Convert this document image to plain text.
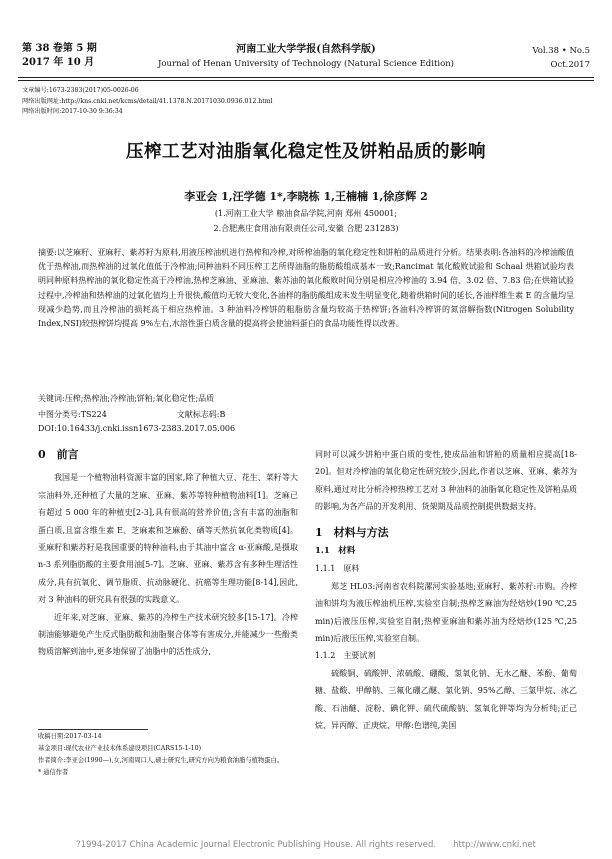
第 38 卷第 5 期
2017 年 10 月
河南工业大学学报(自然科学版)
Journal of Henan University of Technology (Natural Science Edition)
Vol.38 • No.5
Oct.2017
文章编号:1673-2383(2017)05-0026-06
网络出版网址:http://kns.cnki.net/kcms/detail/41.1378.N.20171030.0936.012.html
网络出版时间:2017-10-30 9:36:34
压榨工艺对油脂氧化稳定性及饼粕品质的影响
李亚会 1,汪学德 1*,李晓栋 1,王楠楠 1,徐彦辉 2
(1.河南工业大学 粮油食品学院,河南 郑州 450001;
2.合肥燕庄食用油有限责任公司,安徽 合肥 231283)
摘要:以芝麻籽、亚麻籽、紫苏籽为原料,用液压榨油机进行热榨和冷榨,对所榨油脂的氧化稳定性和饼粕的品质进行分析。结果表明:各油料的冷榨油酸值优于热榨油,而热榨油的过氧化值低于冷榨油;同种油料不同压榨工艺所得油脂的脂肪酸组成基本一致;Rancimat 氧化酸败试验和 Schaal 烘箱试验均表明同种原料热榨油的氧化稳定性高于冷榨油,热榨芝麻油、亚麻油、紫苏油的氧化酸败时间分别是相应冷榨油的 3.94 倍、3.02 倍、7.83 倍;在烘箱试验过程中,冷榨油和热榨油的过氧化值均上升很快,酸值均无较大变化,各油样的脂肪酸组成未发生明显变化,随着烘箱时间的延长,各油样维生素 E 的含量均呈现减少趋势,而且冷榨油的损耗高于相应热榨油。3 种油料冷榨饼的粗脂肪含量均较高于热榨饼;各油料冷榨饼的氮溶解指数(Nitrogen Solubility Index,NSI)较热榨饼均提高 9%左右,水溶性蛋白质含量的提高将会使油料蛋白的食品功能性得以改善。
关键词:压榨;热榨油;冷榨油;饼粕;氧化稳定性;品质
中图分类号:TS224	文献标志码:B
DOI:10.16433/j.cnki.issn1673-2383.2017.05.006
0　前言
我国是一个植物油料资源丰富的国家,除了种植大豆、花生、菜籽等大宗油料外,还种植了大量的芝麻、亚麻、紫苏等特种植物油料[1]。芝麻已有超过 5 000 年的种植史[2-3],具有很高的营养价值;含有丰富的油脂和蛋白质,且富含维生素 E、芝麻素和芝麻酚、硒等天然抗氧化类物质[4]。亚麻籽和紫苏籽是我国重要的特种油料,由于其油中富含 α-亚麻酸,是摄取 n-3 系列脂肪酸的主要食用油[5-7]。芝麻、亚麻、紫苏含有多种生理活性成分,具有抗氧化、调节脂质、抗动脉硬化、抗癌等生理功能[8-14],因此,对 3 种油料的研究具有很强的实践意义。
近年来,对芝麻、亚麻、紫苏的冷榨生产技术研究较多[15-17]。冷榨制油能够避免产生反式脂肪酸和油脂聚合体等有害成分,并能减少一些酚类物质溶解到油中,更多地保留了油脂中的活性成分,
收稿日期:2017-03-14
基金项目:现代农业产业技术体系建设项目(CARS15-1-10)
作者简介:李亚会(1990—),女,河南周口人,硕士研究生,研究方向为粮食油脂与植物蛋白。
* 通信作者
同时可以减少饼粕中蛋白质的变性,使成品油和饼粕的质量相应提高[18-20]。但对冷榨油的氧化稳定性研究较少,因此,作者以芝麻、亚麻、紫苏为原料,通过对比分析冷榨热榨工艺对 3 种油料的油脂氧化稳定性及饼粕品质的影响,为各产品的开发利用、货架期及品质控制提供数据支持。
1　材料与方法
1.1　材料
1.1.1　原料
郑芝 HL03:河南省农科院漯河实验基地;亚麻籽、紫苏籽:市购。冷榨油和饼均为液压榨油机压榨,实验室自制;热榨芝麻油为经焙炒(190 ℃,25 min)后液压压榨,实验室自制;热榨亚麻油和紫苏油为经焙炒(125 ℃,25 min)后液压压榨,实验室自制。
1.1.2　主要试剂
硫酸铜、硫酸钾、浓硫酸、硼酸、氢氧化钠、无水乙醚、苯酚、葡萄糖、盐酸、甲醇钠、三氟化硼乙醚、氯化钠、95%乙醇、三氯甲烷、冰乙酸、石油醚、淀粉、碘化钾、硫代硫酸钠、氢氧化钾等均为分析纯;正己烷、异丙醇、正庚烷、甲醇:色谱纯,美国
?1994-2017 China Academic Journal Electronic Publishing House. All rights reserved.　　http://www.cnki.net
